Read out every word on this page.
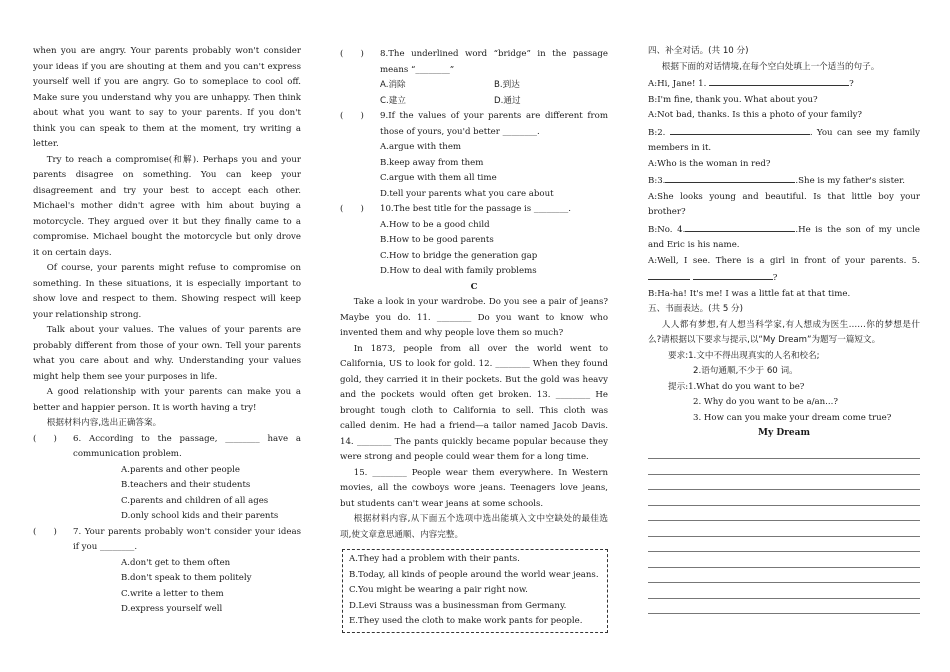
when you are angry. Your parents probably won't consider your ideas if you are shouting at them and you can't express yourself well if you are angry. Go to someplace to cool off. Make sure you understand why you are unhappy. Then think about what you want to say to your parents. If you don't think you can speak to them at the moment, try writing a letter.

Try to reach a compromise(和解). Perhaps you and your parents disagree on something. You can keep your disagreement and try your best to accept each other. Michael's mother didn't agree with him about buying a motorcycle. They argued over it but they finally came to a compromise. Michael bought the motorcycle but only drove it on certain days.

Of course, your parents might refuse to compromise on something. In these situations, it is especially important to show love and respect to them. Showing respect will keep your relationship strong.

Talk about your values. The values of your parents are probably different from those of your own. Tell your parents what you care about and why. Understanding your values might help them see your purposes in life.

A good relationship with your parents can make you a better and happier person. It is worth having a try!

根据材料内容,选出正确答案。

(　　) 6. According to the passage, ________ have a communication problem.

A.parents and other people
B.teachers and their students
C.parents and children of all ages
D.only school kids and their parents
(　　) 7. Your parents probably won't consider your ideas if you ________.

A.don't get to them often
B.don't speak to them politely
C.write a letter to them
D.express yourself well
(　　) 8.The underlined word “bridge” in the passage means “________”

A.消除	B.到达
C.建立	D.通过
(　　) 9.If the values of your parents are different from those of yours, you'd better ________.

A.argue with them
B.keep away from them
C.argue with them all time
D.tell your parents what you care about
(　　) 10.The best title for the passage is ________.

A.How to be a good child
B.How to be good parents
C.How to bridge the generation gap
D.How to deal with family problems
C

Take a look in your wardrobe. Do you see a pair of jeans? Maybe you do. 11. ________ Do you want to know who invented them and why people love them so much?

In 1873, people from all over the world went to California, US to look for gold. 12. ________ When they found gold, they carried it in their pockets. But the gold was heavy and the pockets would often get broken. 13. ________ He brought tough cloth to California to sell. This cloth was called denim. He had a friend—a tailor named Jacob Davis. 14. ________ The pants quickly became popular because they were strong and people could wear them for a long time.

15. ________ People wear them everywhere. In Western movies, all the cowboys wore jeans. Teenagers love jeans, but students can't wear jeans at some schools.

根据材料内容,从下面五个选项中选出能填入文中空缺处的最佳选项,使文章意思通顺、内容完整。

A.They had a problem with their pants.
B.Today, all kinds of people around the world wear jeans.
C.You might be wearing a pair right now.
D.Levi Strauss was a businessman from Germany.
E.They used the cloth to make work pants for people.
四、补全对话。(共 10 分)

根据下面的对话情境,在每个空白处填上一个适当的句子。

A:Hi, Jane! 1.	?

B:I'm fine, thank you. What about you?

A:Not bad, thanks. Is this a photo of your family?

B:2.	. You can see my family members in it.

A:Who is the woman in red?

B:3.	.She is my father's sister.

A:She looks young and beautiful. Is that little boy your brother?

B:No. 4.	.He is the son of my uncle and Eric is his name.

A:Well, I see. There is a girl in front of your parents. 5. ?

B:Ha-ha! It's me! I was a little fat at that time.

五、书面表达。(共 5 分)

人人都有梦想,有人想当科学家,有人想成为医生……你的梦想是什么?请根据以下要求与提示,以“My Dream”为题写一篇短文。

要求:1.文中不得出现真实的人名和校名;
2.语句通顺,不少于 60 词。
提示:1.What do you want to be?
2. Why do you want to be a/an...?
3. How can you make your dream come true?
My Dream
